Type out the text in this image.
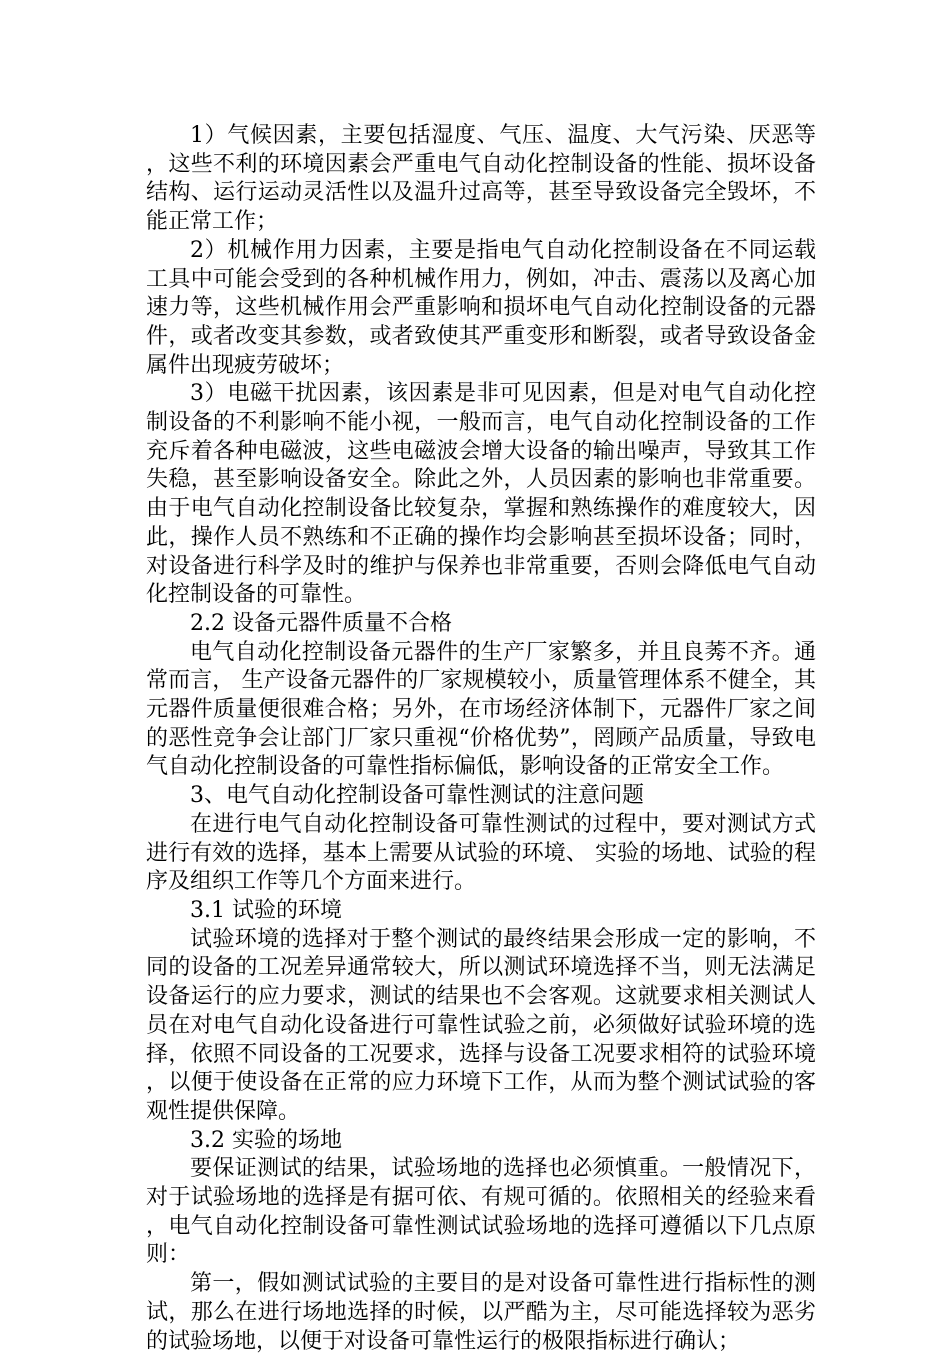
1）气候因素，主要包括湿度、气压、温度、大气污染、厌恶等，这些不利的环境因素会严重电气自动化控制设备的性能、损坏设备结构、运行运动灵活性以及温升过高等，甚至导致设备完全毁坏，不能正常工作；

2）机械作用力因素，主要是指电气自动化控制设备在不同运载工具中可能会受到的各种机械作用力，例如，冲击、震荡以及离心加速力等，这些机械作用会严重影响和损坏电气自动化控制设备的元器件，或者改变其参数，或者致使其严重变形和断裂，或者导致设备金属件出现疲劳破坏；

3）电磁干扰因素，该因素是非可见因素，但是对电气自动化控制设备的不利影响不能小视，一般而言，电气自动化控制设备的工作充斥着各种电磁波，这些电磁波会增大设备的输出噪声，导致其工作失稳，甚至影响设备安全。除此之外，人员因素的影响也非常重要。由于电气自动化控制设备比较复杂，掌握和熟练操作的难度较大，因此，操作人员不熟练和不正确的操作均会影响甚至损坏设备；同时，对设备进行科学及时的维护与保养也非常重要，否则会降低电气自动化控制设备的可靠性。

2.2 设备元器件质量不合格

电气自动化控制设备元器件的生产厂家繁多，并且良莠不齐。通常而言， 生产设备元器件的厂家规模较小，质量管理体系不健全，其元器件质量便很难合格；另外，在市场经济体制下，元器件厂家之间的恶性竞争会让部门厂家只重视“价格优势”，罔顾产品质量，导致电气自动化控制设备的可靠性指标偏低，影响设备的正常安全工作。

3、电气自动化控制设备可靠性测试的注意问题

在进行电气自动化控制设备可靠性测试的过程中，要对测试方式进行有效的选择，基本上需要从试验的环境、 实验的场地、试验的程序及组织工作等几个方面来进行。

3.1 试验的环境

试验环境的选择对于整个测试的最终结果会形成一定的影响，不同的设备的工况差异通常较大，所以测试环境选择不当，则无法满足设备运行的应力要求，测试的结果也不会客观。这就要求相关测试人员在对电气自动化设备进行可靠性试验之前，必须做好试验环境的选择，依照不同设备的工况要求，选择与设备工况要求相符的试验环境，以便于使设备在正常的应力环境下工作，从而为整个测试试验的客观性提供保障。

3.2 实验的场地

要保证测试的结果，试验场地的选择也必须慎重。一般情况下，对于试验场地的选择是有据可依、有规可循的。依照相关的经验来看，电气自动化控制设备可靠性测试试验场地的选择可遵循以下几点原则：

第一，假如测试试验的主要目的是对设备可靠性进行指标性的测试，那么在进行场地选择的时候，以严酷为主，尽可能选择较为恶劣的试验场地，以便于对设备可靠性运行的极限指标进行确认；
